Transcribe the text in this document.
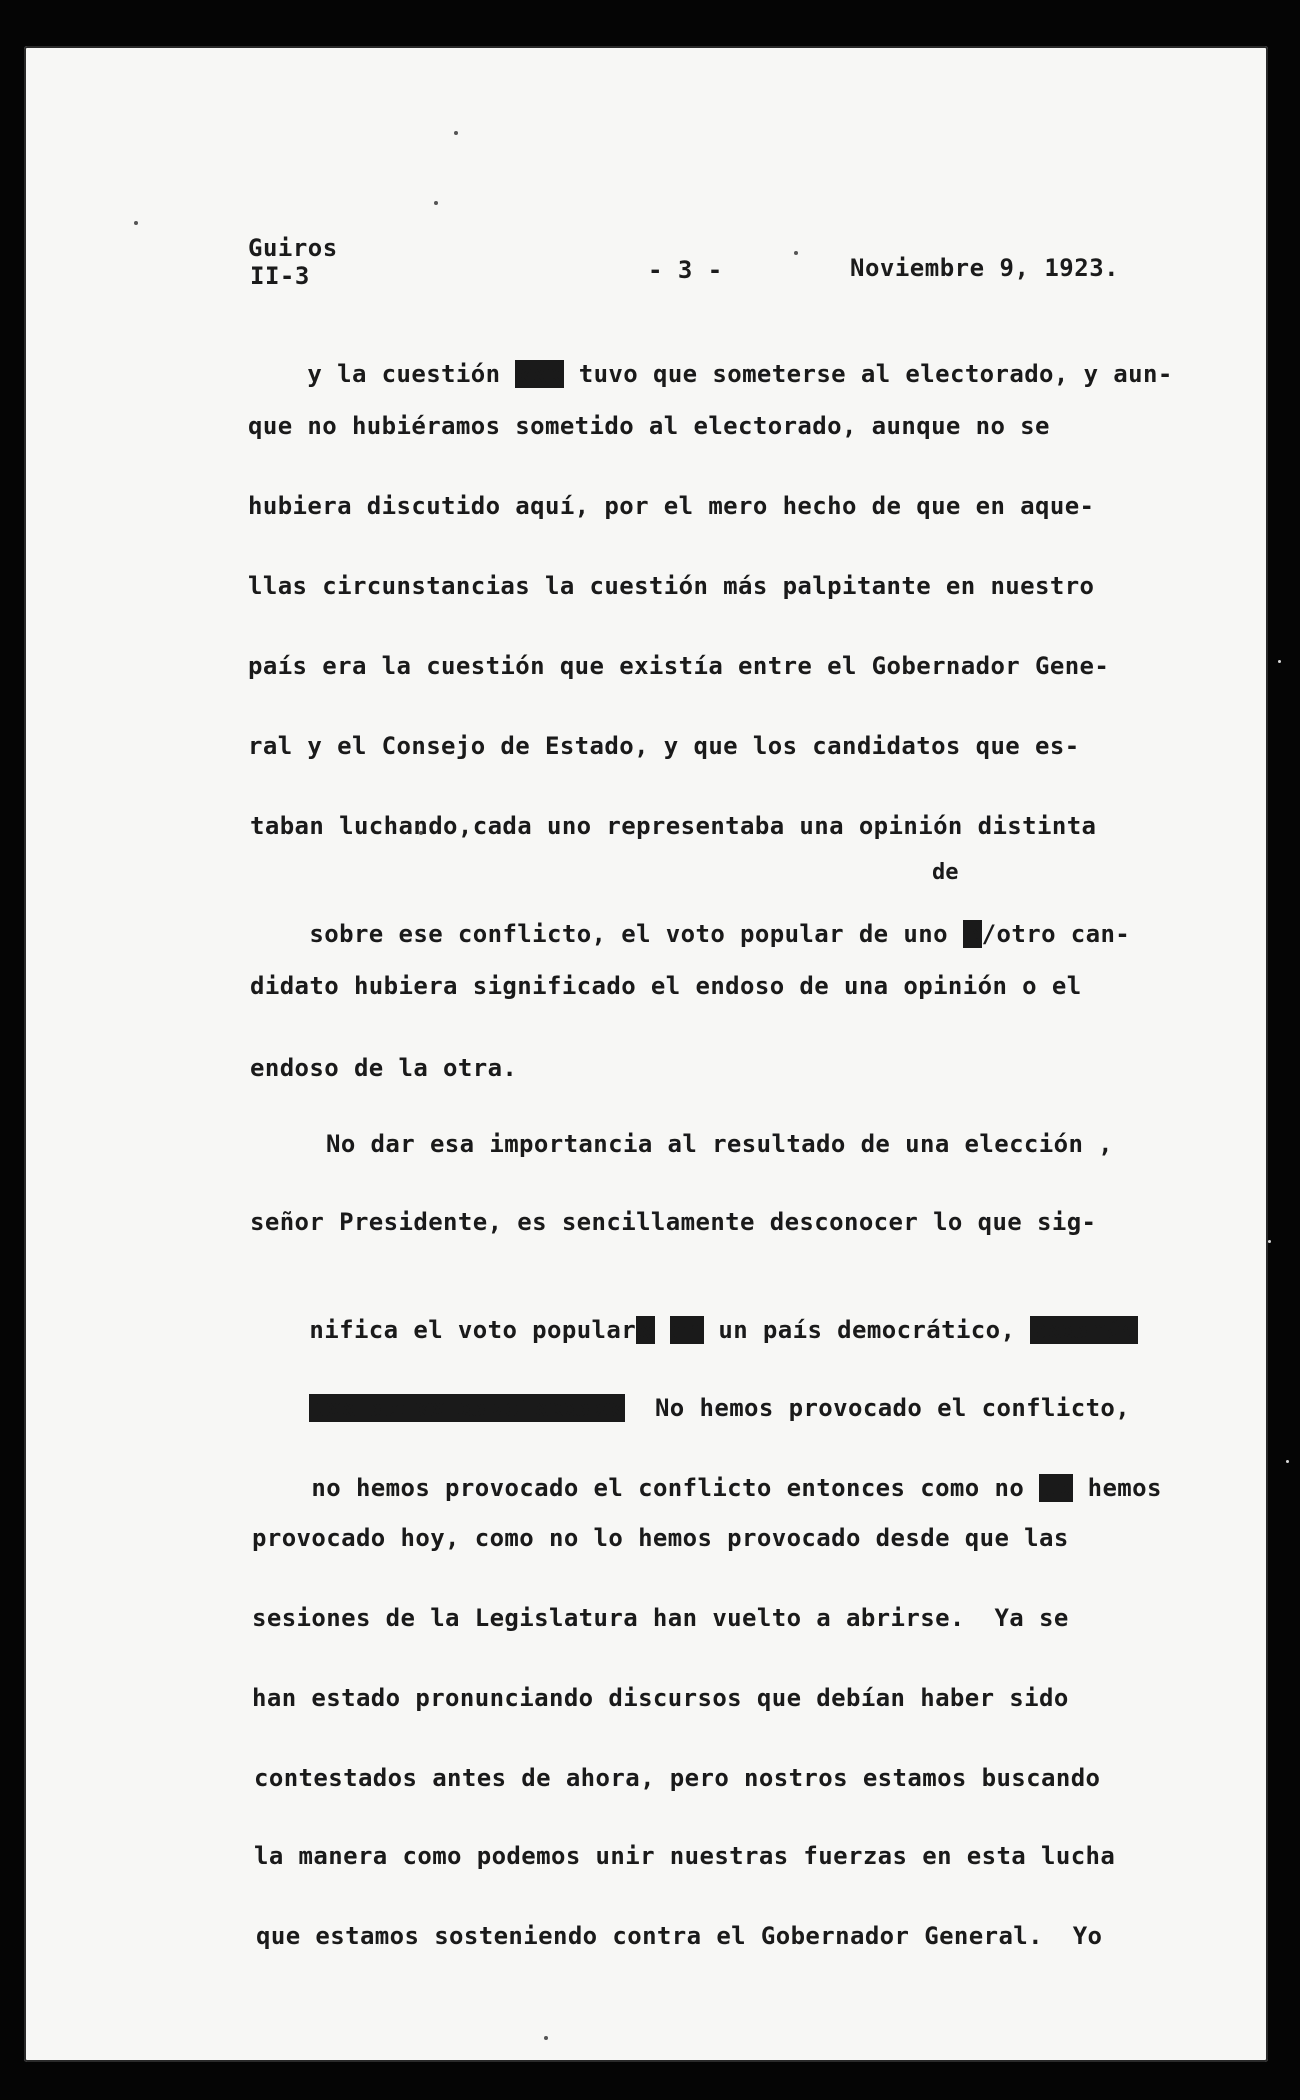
Guiros
II-3	- 3 -	Noviembre 9, 1923.

y la cuestión xxx tuvo que someterse al electorado, y aun-

que no hubiéramos sometido al electorado, aunque no se
hubiera discutido aquí, por el mero hecho de que en aque-
llas circunstancias la cuestión más palpitante en nuestro
país era la cuestión que existía entre el Gobernador Gene-
ral y el Consejo de Estado, y que los candidatos que es-
taban luchando,cada uno representaba una opinión distinta
de

sobre ese conflicto, el voto popular de uno e/otro can-

didato hubiera significado el endoso de una opinión o el
endoso de la otra.
No dar esa importancia al resultado de una elección ,
señor Presidente, es sencillamente desconocer lo que sig-

nifica el voto popularx en un país democrático, pxxxmás

pxxfxxixxixxvolxxxxxx No hemos provocado el conflicto,

no hemos provocado el conflicto entonces como no lo hemos

provocado hoy, como no lo hemos provocado desde que las
sesiones de la Legislatura han vuelto a abrirse.  Ya se
han estado pronunciando discursos que debían haber sido
contestados antes de ahora, pero nostros estamos buscando
la manera como podemos unir nuestras fuerzas en esta lucha
que estamos sosteniendo contra el Gobernador General.  Yo
